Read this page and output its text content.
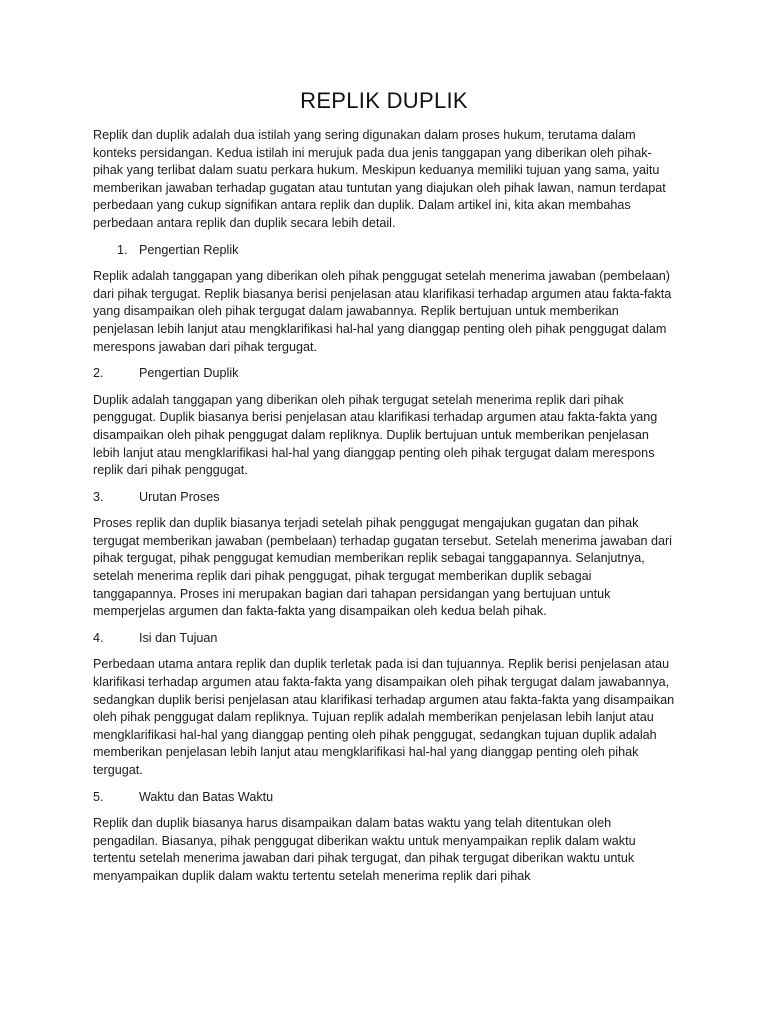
REPLIK DUPLIK

Replik dan duplik adalah dua istilah yang sering digunakan dalam proses hukum, terutama dalam konteks persidangan. Kedua istilah ini merujuk pada dua jenis tanggapan yang diberikan oleh pihak-pihak yang terlibat dalam suatu perkara hukum. Meskipun keduanya memiliki tujuan yang sama, yaitu memberikan jawaban terhadap gugatan atau tuntutan yang diajukan oleh pihak lawan, namun terdapat perbedaan yang cukup signifikan antara replik dan duplik. Dalam artikel ini, kita akan membahas perbedaan antara replik dan duplik secara lebih detail.

1. Pengertian Replik

Replik adalah tanggapan yang diberikan oleh pihak penggugat setelah menerima jawaban (pembelaan) dari pihak tergugat. Replik biasanya berisi penjelasan atau klarifikasi terhadap argumen atau fakta-fakta yang disampaikan oleh pihak tergugat dalam jawabannya. Replik bertujuan untuk memberikan penjelasan lebih lanjut atau mengklarifikasi hal-hal yang dianggap penting oleh pihak penggugat dalam merespons jawaban dari pihak tergugat.

2.	Pengertian Duplik

Duplik adalah tanggapan yang diberikan oleh pihak tergugat setelah menerima replik dari pihak penggugat. Duplik biasanya berisi penjelasan atau klarifikasi terhadap argumen atau fakta-fakta yang disampaikan oleh pihak penggugat dalam repliknya. Duplik bertujuan untuk memberikan penjelasan lebih lanjut atau mengklarifikasi hal-hal yang dianggap penting oleh pihak tergugat dalam merespons replik dari pihak penggugat.

3.	Urutan Proses

Proses replik dan duplik biasanya terjadi setelah pihak penggugat mengajukan gugatan dan pihak tergugat memberikan jawaban (pembelaan) terhadap gugatan tersebut. Setelah menerima jawaban dari pihak tergugat, pihak penggugat kemudian memberikan replik sebagai tanggapannya. Selanjutnya, setelah menerima replik dari pihak penggugat, pihak tergugat memberikan duplik sebagai tanggapannya. Proses ini merupakan bagian dari tahapan persidangan yang bertujuan untuk memperjelas argumen dan fakta-fakta yang disampaikan oleh kedua belah pihak.

4.	Isi dan Tujuan

Perbedaan utama antara replik dan duplik terletak pada isi dan tujuannya. Replik berisi penjelasan atau klarifikasi terhadap argumen atau fakta-fakta yang disampaikan oleh pihak tergugat dalam jawabannya, sedangkan duplik berisi penjelasan atau klarifikasi terhadap argumen atau fakta-fakta yang disampaikan oleh pihak penggugat dalam repliknya. Tujuan replik adalah memberikan penjelasan lebih lanjut atau mengklarifikasi hal-hal yang dianggap penting oleh pihak penggugat, sedangkan tujuan duplik adalah memberikan penjelasan lebih lanjut atau mengklarifikasi hal-hal yang dianggap penting oleh pihak tergugat.

5.	Waktu dan Batas Waktu

Replik dan duplik biasanya harus disampaikan dalam batas waktu yang telah ditentukan oleh pengadilan. Biasanya, pihak penggugat diberikan waktu untuk menyampaikan replik dalam waktu tertentu setelah menerima jawaban dari pihak tergugat, dan pihak tergugat diberikan waktu untuk menyampaikan duplik dalam waktu tertentu setelah menerima replik dari pihak
